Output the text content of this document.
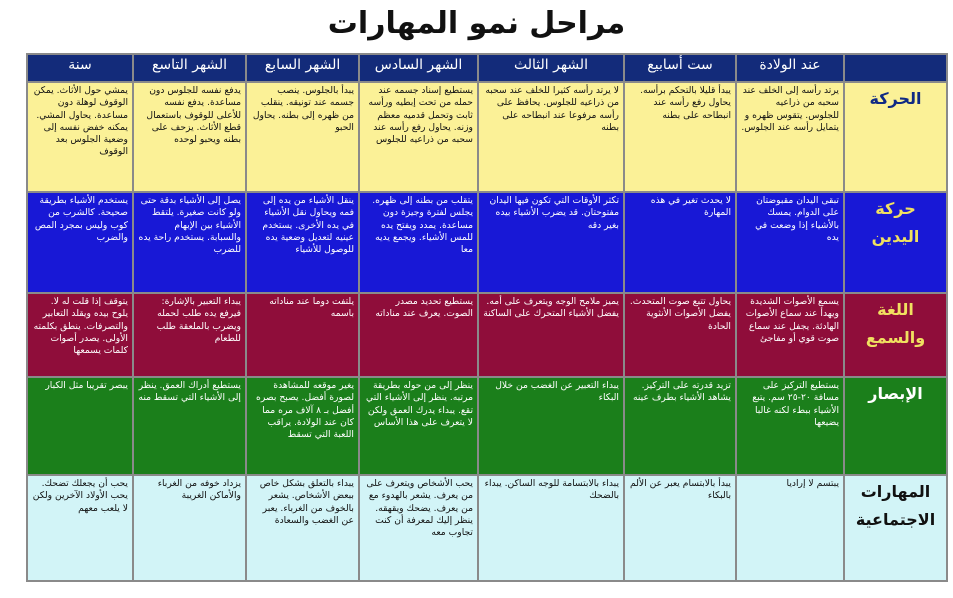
مراحل نمو المهارات
	عند الولادة	ست أسابيع	الشهر الثالث	الشهر السادس	الشهر السابع	الشهر التاسع	سنة
الحركة	يرتد رأسه إلى الخلف عند سحبه من ذراعيه للجلوس. يتقوس ظهره و يتمايل رأسه عند الجلوس.	يبدأ قليلا بالتحكم برأسه. يحاول رفع رأسه عند انبطاحه على بطنه	لا يرتد رأسه كثيرا للخلف عند سحبه من ذراعيه للجلوس. يحافظ على رأسه مرفوعا عند انبطاحه على بطنه	يستطيع إسناد جسمه عند حمله من تحت إبطيه ورأسه ثابت وتحمل قدميه معظم وزنه. يحاول رفع رأسه عند سحبه من ذراعيه للجلوس	يبدأ بالجلوس. ينصب جسمه عند تونيقه. ينقلب من ظهره إلى بطنه. يحاول الحبو	يدفع نفسه للجلوس دون مساعدة. يدفع نفسه للأعلى للوقوف باستعمال قطع الأثاث. يزحف على بطنه ويحبو لوحده	يمشي حول الأثاث. يمكن الوقوف لوهلة دون مساعدة. يحاول المشي. يمكنه خفض نفسه إلى وضعية الجلوس بعد الوقوف
حركة اليدين	تبقى اليدان مقبوضتان على الدوام. يمسك بالأشياء إذا وضعت في يده	لا يحدث تغير في هذه المهارة	تكثر الأوقات التي تكون فيها اليدان مفتوحتان. قد يضرب الأشياء بيده بغير دقه	يتقلب من بطنه إلى ظهره. يجلس لفترة وجيزة دون مساعدة. يمدد ويفتح يده للمس الأشياء. ويجمع يديه معا	ينقل الأشياء من يده إلى فمه ويحاول نقل الأشياء في يده الأخرى. يستخدم عينيه لتعديل وضعية يده للوصول للأشياء	يصل إلى الأشياء بدقة حتى ولو كانت صغيرة. يلتقط الأشياء بين الإبهام والسبابة. يستخدم راحة يده للضرب	يستخدم الأشياء بطريقة صحيحة. كالشرب من كوب وليس بمجرد المص والضرب
اللغة والسمع	يسمع الأصوات الشديدة ويهدأ عند سماع الأصوات الهادئة. يجفل عند سماع صوت قوي أو مفاجئ	يحاول تتبع صوت المتحدث. يفضل الأصوات الأنثوية الحادة	يميز ملامح الوجه ويتعرف على أمه. يفضل الأشياء المتحرك على الساكنة	يستطيع تحديد مصدر الصوت. يعرف عند مناداته	يلتفت دوما عند مناداته باسمه	يبداء التعبير بالإشارة: فيرفع يده طلب لحمله ويضرب بالملعقة طلب للطعام	يتوقف إذا قلت له لا. يلوح بيده ويقلد التعابير والتصرفات. ينطق بكلمته الأولى. يصدر أصوات كلمات يسمعها
الإبصار	يستطيع التركيز على مسافة ٢٠-٢٥ سم. يتبع الأشياء ببطء لكنه غالبا يضيعها	تزيد قدرته على التركيز. يشاهد الأشياء بطرف عينه	يبداء التعبير عن الغضب من خلال البكاء	ينظر إلى من حوله بطريقة مرتبه. ينظر إلى الأشياء التي تقع. يبداء يدرك العمق ولكن لا يتعرف على هذا الأساس	يغير موقعه للمشاهدة لصورة أفضل. يصبح بصره أفضل بـ ٨ آلاف مره مما كان عند الولادة. يراقب اللعبة التي تسقط	يستطيع أدراك العمق. ينظر إلى الأشياء التي تسقط منه	يبصر تقريبا مثل الكبار
المهارات الاجتماعية	يبتسم لا إراديا	يبدأ بالابتسام يعبر عن الألم بالبكاء	يبداء بالابتسامة للوجه الساكن. يبداء بالضحك	يحب الأشخاص ويتعرف على من يعرف. يشعر بالهدوء مع من يعرف. يضحك ويقهقه. ينظر إليك لمعرفة أن كنت تجاوب معه	يبداء بالتعلق بشكل خاص ببعض الأشخاص. يشعر بالخوف من الغرباء. يعبر عن الغضب والسعادة	يزداد خوفه من الغرباء والأماكن الغريبة	يحب أن يجعلك تضحك. يحب الأولاد الآخرين ولكن لا يلعب معهم
